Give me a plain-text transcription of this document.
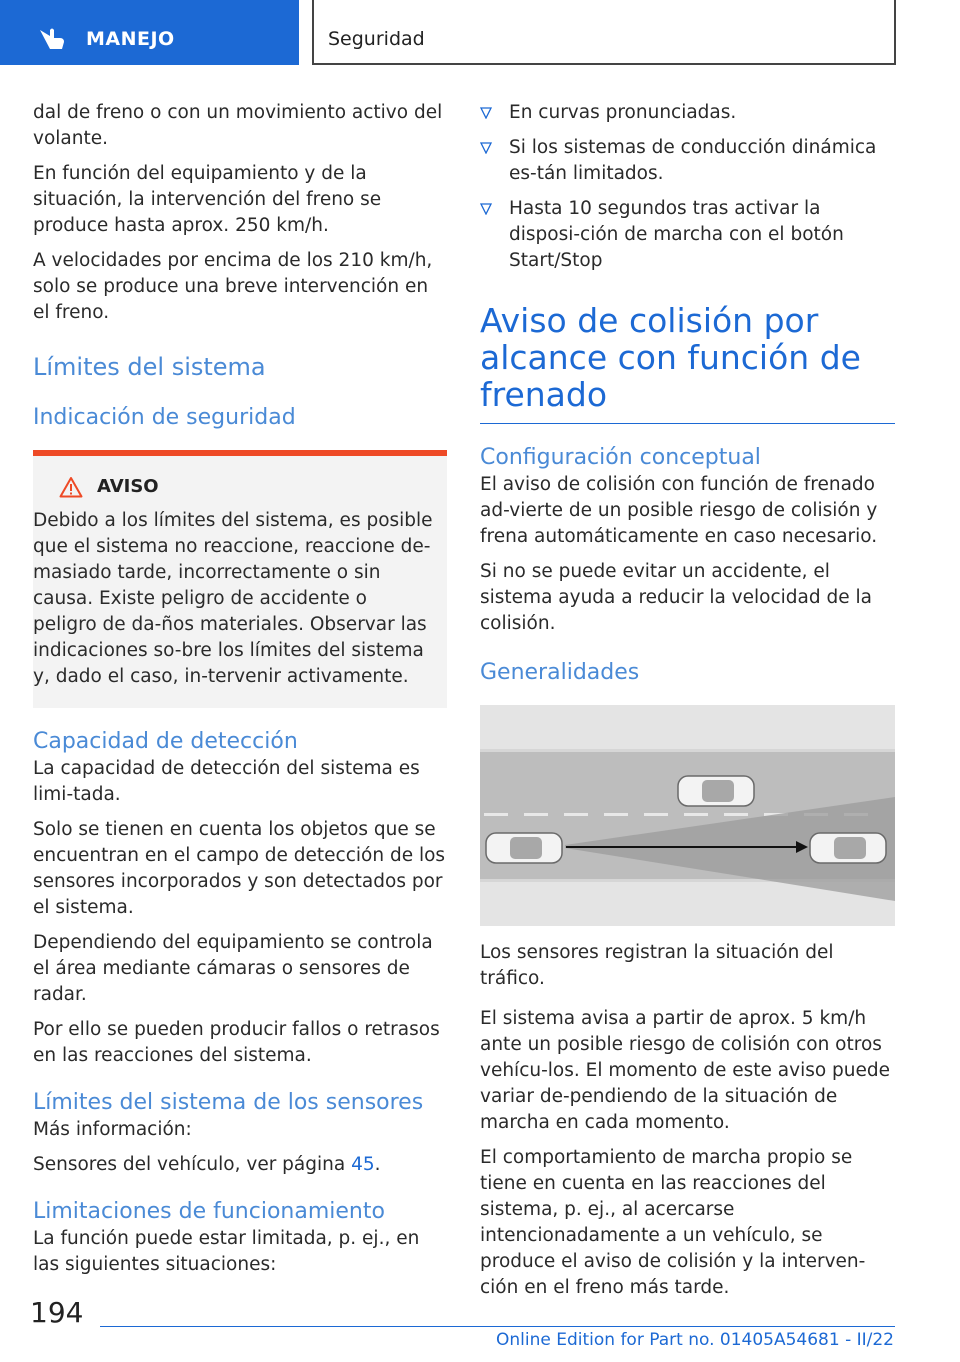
MANEJO	Seguridad

dal de freno o con un movimiento activo del volante.

En función del equipamiento y de la situación, la intervención del freno se produce hasta aprox. 250 km/h.

A velocidades por encima de los 210 km/h, solo se produce una breve intervención en el freno.

Límites del sistema
Indicación de seguridad
AVISO
Debido a los límites del sistema, es posible que el sistema no reaccione, reaccione de-masiado tarde, incorrectamente o sin causa. Existe peligro de accidente o peligro de da-ños materiales. Observar las indicaciones so-bre los límites del sistema y, dado el caso, in-tervenir activamente.
Capacidad de detección

La capacidad de detección del sistema es limi-tada.

Solo se tienen en cuenta los objetos que se encuentran en el campo de detección de los sensores incorporados y son detectados por el sistema.

Dependiendo del equipamiento se controla el área mediante cámaras o sensores de radar.

Por ello se pueden producir fallos o retrasos en las reacciones del sistema.

Límites del sistema de los sensores

Más información:

Sensores del vehículo, ver página 45.

Limitaciones de funcionamiento

La función puede estar limitada, p. ej., en las siguientes situaciones:

En curvas pronunciadas.
Si los sistemas de conducción dinámica es-tán limitados.
Hasta 10 segundos tras activar la disposi-ción de marcha con el botón Start/Stop
Aviso de colisión por alcance con función de frenado
Configuración conceptual

El aviso de colisión con función de frenado ad-vierte de un posible riesgo de colisión y frena automáticamente en caso necesario.

Si no se puede evitar un accidente, el sistema ayuda a reducir la velocidad de la colisión.

Generalidades

Los sensores registran la situación del tráfico.

El sistema avisa a partir de aprox. 5 km/h ante un posible riesgo de colisión con otros vehícu-los. El momento de este aviso puede variar de-pendiendo de la situación de marcha en cada momento.

El comportamiento de marcha propio se tiene en cuenta en las reacciones del sistema, p. ej., al acercarse intencionadamente a un vehículo, se produce el aviso de colisión y la interven-ción en el freno más tarde.

194
Online Edition for Part no. 01405A54681 - II/22
